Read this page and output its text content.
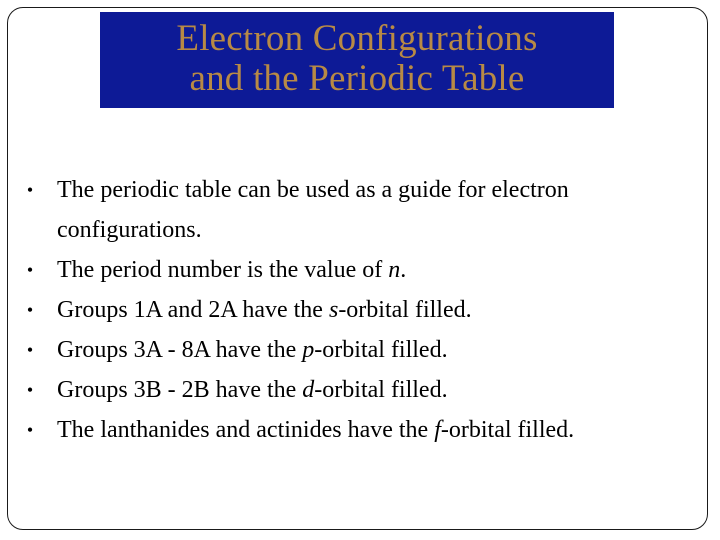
Electron Configurations
and the Periodic Table
• The periodic table can be used as a guide for electron configurations.
• The period number is the value of n.
• Groups 1A and 2A have the s-orbital filled.
• Groups 3A - 8A have the p-orbital filled.
• Groups 3B - 2B have the d-orbital filled.
• The lanthanides and actinides have the f-orbital filled.
